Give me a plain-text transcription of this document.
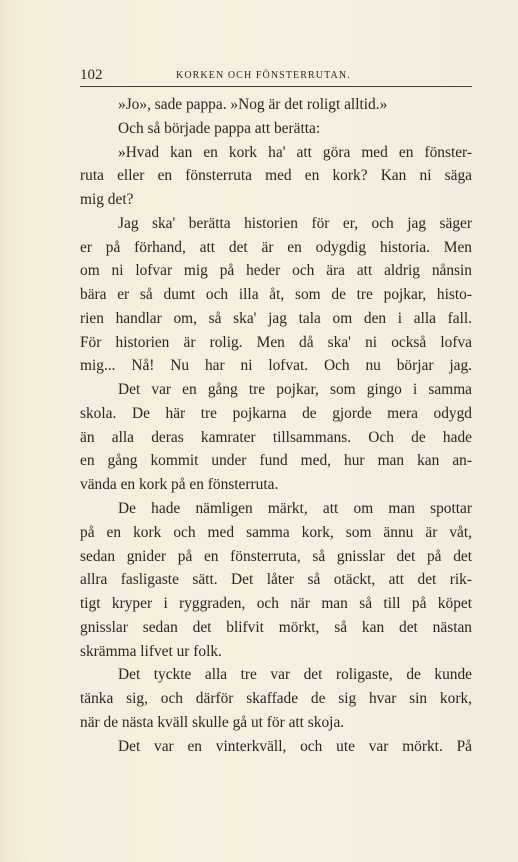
102	KORKEN OCH FÖNSTERRUTAN.
»Jo», sade pappa. »Nog är det roligt alltid.»
Och så började pappa att berätta:
»Hvad kan en kork ha' att göra med en fönster-
ruta eller en fönsterruta med en kork? Kan ni säga
mig det?
Jag ska' berätta historien för er, och jag säger
er på förhand, att det är en odygdig historia. Men
om ni lofvar mig på heder och ära att aldrig nånsin
bära er så dumt och illa åt, som de tre pojkar, histo-
rien handlar om, så ska' jag tala om den i alla fall.
För historien är rolig. Men då ska' ni också lofva
mig... Nå! Nu har ni lofvat. Och nu börjar jag.
Det var en gång tre pojkar, som gingo i samma
skola. De här tre pojkarna de gjorde mera odygd
än alla deras kamrater tillsammans. Och de hade
en gång kommit under fund med, hur man kan an-
vända en kork på en fönsterruta.
De hade nämligen märkt, att om man spottar
på en kork och med samma kork, som ännu är våt,
sedan gnider på en fönsterruta, så gnisslar det på det
allra fasligaste sätt. Det låter så otäckt, att det rik-
tigt kryper i ryggraden, och när man så till på köpet
gnisslar sedan det blifvit mörkt, så kan det nästan
skrämma lifvet ur folk.
Det tyckte alla tre var det roligaste, de kunde
tänka sig, och därför skaffade de sig hvar sin kork,
när de nästa kväll skulle gå ut för att skoja.
Det var en vinterkväll, och ute var mörkt. På
